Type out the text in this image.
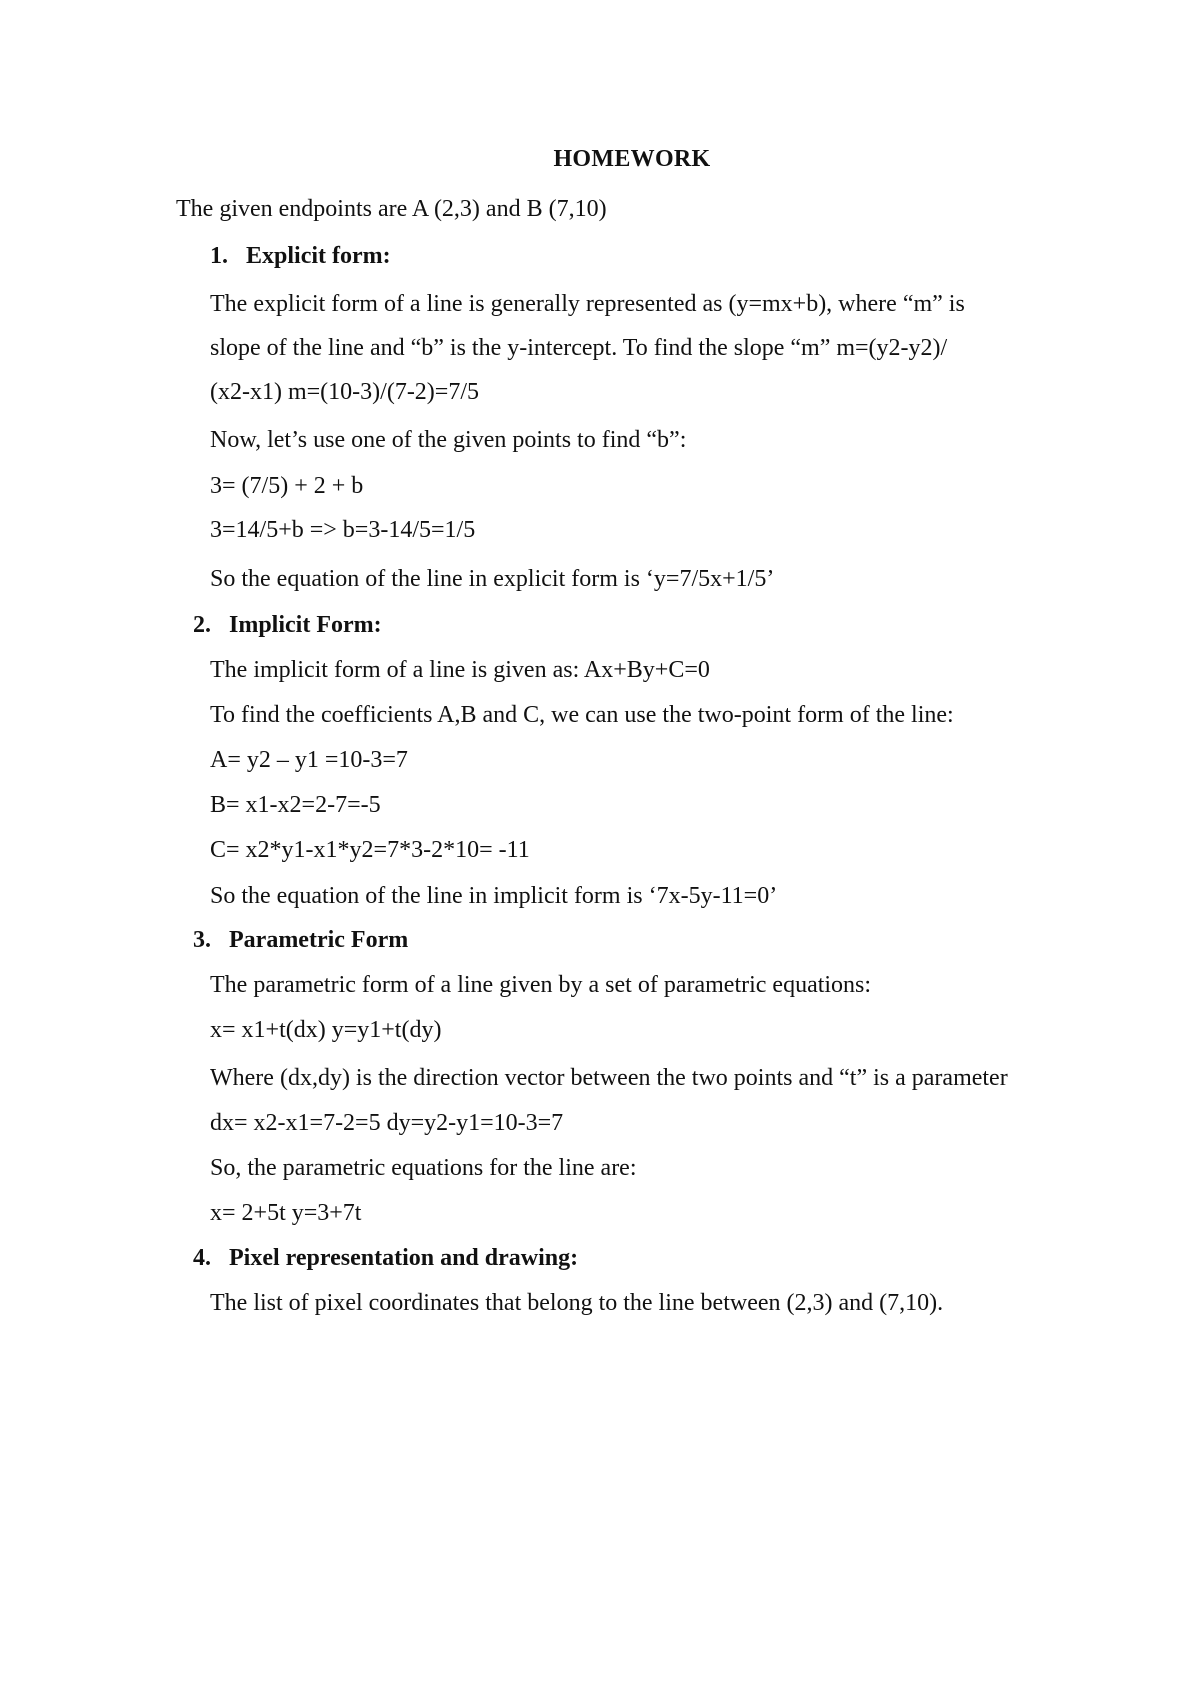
HOMEWORK
The given endpoints are A (2,3) and B (7,10)
1. Explicit form:
The explicit form of a line is generally represented as (y=mx+b), where “m” is
slope of the line and “b” is the y-intercept. To find the slope “m” m=(y2-y2)/
(x2-x1) m=(10-3)/(7-2)=7/5
Now, let’s use one of the given points to find “b”:
3= (7/5) + 2 + b
3=14/5+b => b=3-14/5=1/5
So the equation of the line in explicit form is ‘y=7/5x+1/5’
2. Implicit Form:
The implicit form of a line is given as: Ax+By+C=0
To find the coefficients A,B and C, we can use the two-point form of the line:
A= y2 – y1 =10-3=7
B= x1-x2=2-7=-5
C= x2*y1-x1*y2=7*3-2*10= -11
So the equation of the line in implicit form is ‘7x-5y-11=0’
3. Parametric Form
The parametric form of a line given by a set of parametric equations:
x= x1+t(dx) y=y1+t(dy)
Where (dx,dy) is the direction vector between the two points and “t” is a parameter
dx= x2-x1=7-2=5 dy=y2-y1=10-3=7
So, the parametric equations for the line are:
x= 2+5t y=3+7t
4. Pixel representation and drawing:
The list of pixel coordinates that belong to the line between (2,3) and (7,10).
